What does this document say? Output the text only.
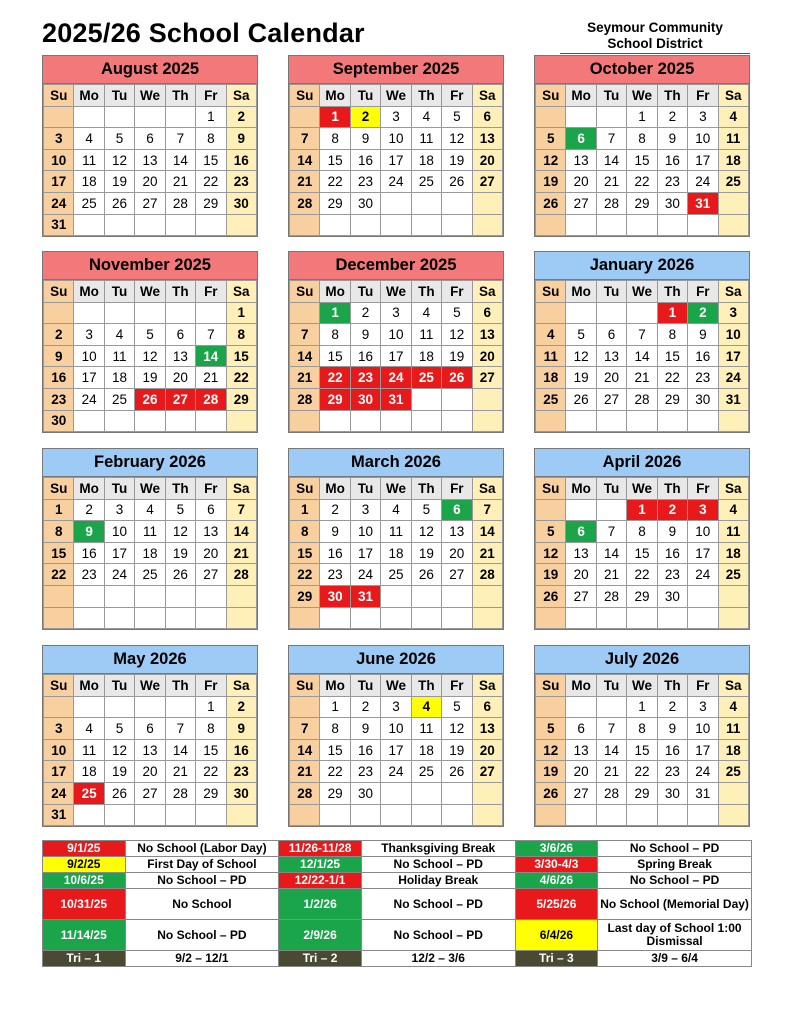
2025/26 School Calendar	Seymour Community
School District
August 2025
Su	Mo	Tu	We	Th	Fr	Sa
					1	2
3	4	5	6	7	8	9
10	11	12	13	14	15	16
17	18	19	20	21	22	23
24	25	26	27	28	29	30
31						
September 2025
Su	Mo	Tu	We	Th	Fr	Sa
	1	2	3	4	5	6
7	8	9	10	11	12	13
14	15	16	17	18	19	20
21	22	23	24	25	26	27
28	29	30				

October 2025
Su	Mo	Tu	We	Th	Fr	Sa
			1	2	3	4
5	6	7	8	9	10	11
12	13	14	15	16	17	18
19	20	21	22	23	24	25
26	27	28	29	30	31	

November 2025
Su	Mo	Tu	We	Th	Fr	Sa
						1
2	3	4	5	6	7	8
9	10	11	12	13	14	15
16	17	18	19	20	21	22
23	24	25	26	27	28	29
30						
December 2025
Su	Mo	Tu	We	Th	Fr	Sa
	1	2	3	4	5	6
7	8	9	10	11	12	13
14	15	16	17	18	19	20
21	22	23	24	25	26	27
28	29	30	31			

January 2026
Su	Mo	Tu	We	Th	Fr	Sa
				1	2	3
4	5	6	7	8	9	10
11	12	13	14	15	16	17
18	19	20	21	22	23	24
25	26	27	28	29	30	31

February 2026
Su	Mo	Tu	We	Th	Fr	Sa
1	2	3	4	5	6	7
8	9	10	11	12	13	14
15	16	17	18	19	20	21
22	23	24	25	26	27	28

March 2026
Su	Mo	Tu	We	Th	Fr	Sa
1	2	3	4	5	6	7
8	9	10	11	12	13	14
15	16	17	18	19	20	21
22	23	24	25	26	27	28
29	30	31				

April 2026
Su	Mo	Tu	We	Th	Fr	Sa
			1	2	3	4
5	6	7	8	9	10	11
12	13	14	15	16	17	18
19	20	21	22	23	24	25
26	27	28	29	30		

May 2026
Su	Mo	Tu	We	Th	Fr	Sa
					1	2
3	4	5	6	7	8	9
10	11	12	13	14	15	16
17	18	19	20	21	22	23
24	25	26	27	28	29	30
31						
June 2026
Su	Mo	Tu	We	Th	Fr	Sa
	1	2	3	4	5	6
7	8	9	10	11	12	13
14	15	16	17	18	19	20
21	22	23	24	25	26	27
28	29	30				

July 2026
Su	Mo	Tu	We	Th	Fr	Sa
			1	2	3	4
5	6	7	8	9	10	11
12	13	14	15	16	17	18
19	20	21	22	23	24	25
26	27	28	29	30	31	

9/1/25	No School (Labor Day)	11/26-11/28	Thanksgiving Break	3/6/26	No School – PD
9/2/25	First Day of School	12/1/25	No School – PD	3/30-4/3	Spring Break
10/6/25	No School – PD	12/22-1/1	Holiday Break	4/6/26	No School – PD
10/31/25	No School	1/2/26	No School – PD	5/25/26	No School (Memorial Day)
11/14/25	No School – PD	2/9/26	No School – PD	6/4/26	Last day of School 1:00 Dismissal
Tri – 1	9/2 – 12/1	Tri – 2	12/2 – 3/6	Tri – 3	3/9 – 6/4
